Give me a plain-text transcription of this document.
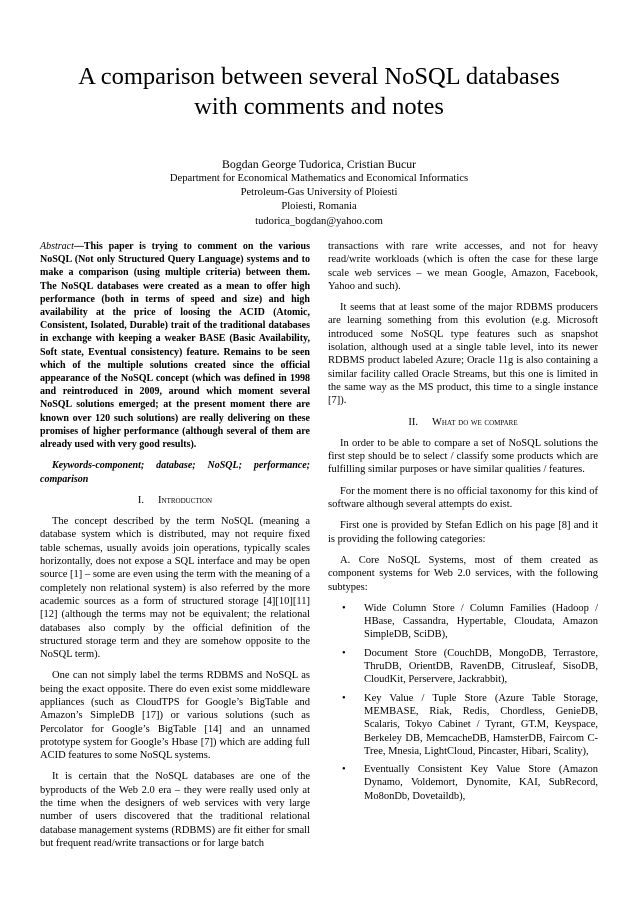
A comparison between several NoSQL databases
with comments and notes
Bogdan George Tudorica, Cristian Bucur
Department for Economical Mathematics and Economical Informatics
Petroleum-Gas University of Ploiesti
Ploiesti, Romania
tudorica_bogdan@yahoo.com

Abstract—This paper is trying to comment on the various NoSQL (Not only Structured Query Language) systems and to make a comparison (using multiple criteria) between them. The NoSQL databases were created as a mean to offer high performance (both in terms of speed and size) and high availability at the price of loosing the ACID (Atomic, Consistent, Isolated, Durable) trait of the traditional databases in exchange with keeping a weaker BASE (Basic Availability, Soft state, Eventual consistency) feature. Remains to be seen which of the multiple solutions created since the official appearance of the NoSQL concept (which was defined in 1998 and reintroduced in 2009, around which moment several NoSQL solutions emerged; at the present moment there are known over 120 such solutions) are really delivering on these promises of higher performance (although several of them are already used with very good results).

Keywords-component; database; NoSQL; performance; comparison

I. Introduction

The concept described by the term NoSQL (meaning a database system which is distributed, may not require fixed table schemas, usually avoids join operations, typically scales horizontally, does not expose a SQL interface and may be open source [1] – some are even using the term with the meaning of a completely non relational system) is also referred by the more academic sources as a form of structured storage [4][10][11][12] (although the terms may not be equivalent; the relational databases also comply by the official definition of the structured storage term and they are somehow opposite to the NoSQL term).

One can not simply label the terms RDBMS and NoSQL as being the exact opposite. There do even exist some middleware appliances (such as CloudTPS for Google’s BigTable and Amazon’s SimpleDB [17]) or various solutions (such as Percolator for Google’s BigTable [14] and an unnamed prototype system for Google’s Hbase [7]) which are adding full ACID features to some NoSQL systems.

It is certain that the NoSQL databases are one of the byproducts of the Web 2.0 era – they were really used only at the time when the designers of web services with very large number of users discovered that the traditional relational database management systems (RDBMS) are fit either for small but frequent read/write transactions or for large batch

transactions with rare write accesses, and not for heavy read/write workloads (which is often the case for these large scale web services – we mean Google, Amazon, Facebook, Yahoo and such).

It seems that at least some of the major RDBMS producers are learning something from this evolution (e.g. Microsoft introduced some NoSQL type features such as snapshot isolation, although used at a single table level, into its newer RDBMS product labeled Azure; Oracle 11g is also containing a similar facility called Oracle Streams, but this one is limited in the same way as the MS product, this time to a single instance [7]).

II. What do we compare

In order to be able to compare a set of NoSQL solutions the first step should be to select / classify some products which are fulfilling similar purposes or have similar qualities / features.

For the moment there is no official taxonomy for this kind of software although several attempts do exist.

First one is provided by Stefan Edlich on his page [8] and it is providing the following categories:

A. Core NoSQL Systems, most of them created as component systems for Web 2.0 services, with the following subtypes:

• Wide Column Store / Column Families (Hadoop / HBase, Cassandra, Hypertable, Cloudata, Amazon SimpleDB, SciDB),
• Document Store (CouchDB, MongoDB, Terrastore, ThruDB, OrientDB, RavenDB, Citrusleaf, SisoDB, CloudKit, Perservere, Jackrabbit),
• Key Value / Tuple Store (Azure Table Storage, MEMBASE, Riak, Redis, Chordless, GenieDB, Scalaris, Tokyo Cabinet / Tyrant, GT.M, Keyspace, Berkeley DB, MemcacheDB, HamsterDB, Faircom C-Tree, Mnesia, LightCloud, Pincaster, Hibari, Scality),
• Eventually Consistent Key Value Store (Amazon Dynamo, Voldemort, Dynomite, KAI, SubRecord, Mo8onDb, Dovetaildb),
